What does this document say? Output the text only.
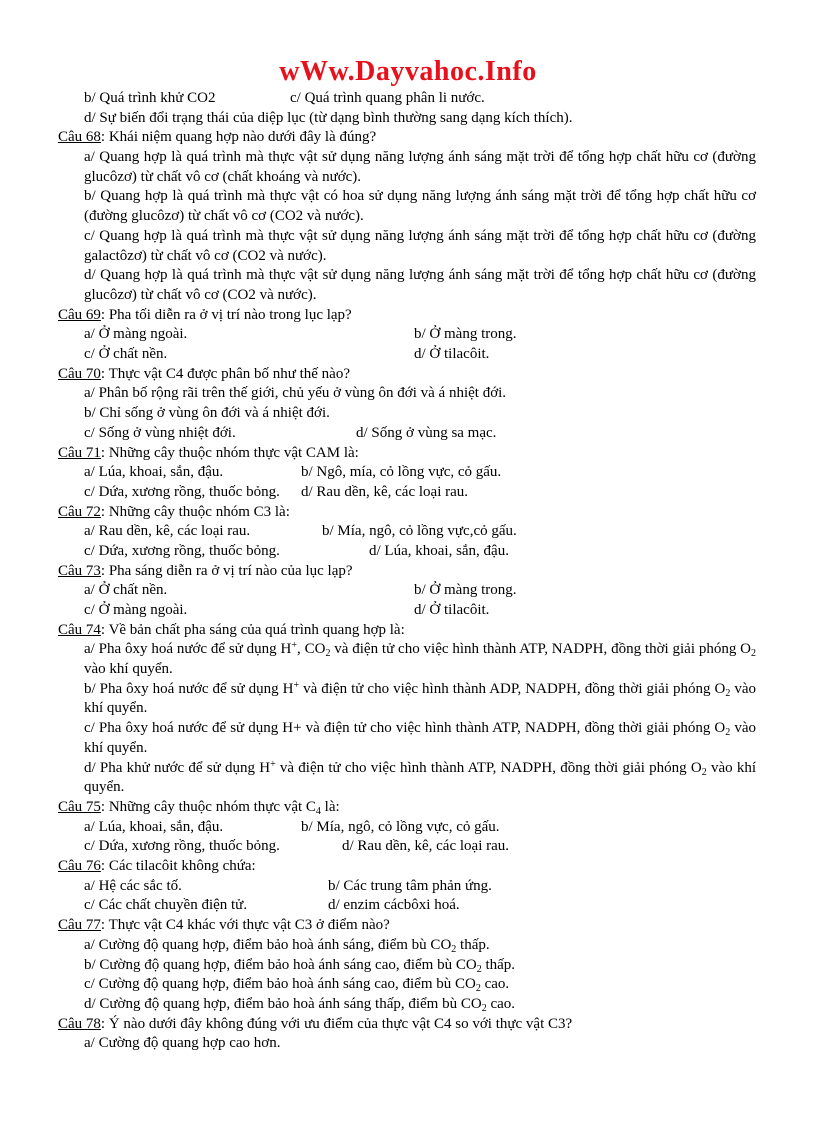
wWw.Dayvahoc.Info
b/ Quá trình khử CO2	c/ Quá trình quang phân li nước.
d/ Sự biến đổi trạng thái của diệp lục (từ dạng bình thường sang dạng kích thích).
Câu 68: Khái niệm quang hợp nào dưới đây là đúng?
a/ Quang hợp là quá trình mà thực vật sử dụng năng lượng ánh sáng mặt trời để tổng hợp chất hữu cơ (đường glucôzơ) từ chất vô cơ (chất khoáng và nước).
b/ Quang hợp là quá trình mà thực vật có hoa sử dụng năng lượng ánh sáng mặt trời để tổng hợp chất hữu cơ (đường glucôzơ) từ chất vô cơ (CO2 và nước).
c/ Quang hợp là quá trình mà thực vật sử dụng năng lượng ánh sáng mặt trời để tổng hợp chất hữu cơ (đường galactôzơ) từ chất vô cơ (CO2 và nước).
d/ Quang hợp là quá trình mà thực vật sử dụng năng lượng ánh sáng mặt trời để tổng hợp chất hữu cơ (đường glucôzơ) từ chất vô cơ (CO2 và nước).
Câu 69: Pha tối diễn ra ở vị trí nào trong lục lạp?
a/ Ở màng ngoài.	b/ Ở màng trong.
c/ Ở chất nền.	d/ Ở tilacôit.
Câu 70: Thực vật C4 được phân bố như thế nào?
a/ Phân bố rộng rãi trên thế giới, chủ yếu ở vùng ôn đới và á nhiệt đới.
b/ Chỉ sống ở vùng ôn đới và á nhiệt đới.
c/ Sống ở vùng nhiệt đới.	d/ Sống ở vùng sa mạc.
Câu 71: Những cây thuộc nhóm thực vật CAM là:
a/ Lúa, khoai, sắn, đậu.	b/ Ngô, mía, cỏ lồng vực, cỏ gấu.
c/ Dứa, xương rồng, thuốc bỏng.	d/ Rau dền, kê, các loại rau.
Câu 72: Những cây thuộc nhóm C3 là:
a/ Rau dền, kê, các loại rau.	b/ Mía, ngô, cỏ lồng vực,cỏ gấu.
c/ Dứa, xương rồng, thuốc bỏng.	d/ Lúa, khoai, sắn, đậu.
Câu 73: Pha sáng diễn ra ở vị trí nào của lục lạp?
a/ Ở chất nền.	b/ Ở màng trong.
c/ Ở màng ngoài.	d/ Ở tilacôit.
Câu 74: Về bản chất pha sáng của quá trình quang hợp là:
a/ Pha ôxy hoá nước để sử dụng H+, $CO_2$ và điện tử cho việc hình thành ATP, NADPH, đồng thời giải phóng $O_2$ vào khí quyển.
b/ Pha ôxy hoá nước để sử dụng H+ và điện tử cho việc hình thành ADP, NADPH, đồng thời giải phóng $O_2$ vào khí quyển.
c/ Pha ôxy hoá nước để sử dụng H+ và điện tử cho việc hình thành ATP, NADPH, đồng thời giải phóng $O_2$ vào khí quyển.
d/ Pha khử nước để sử dụng H+ và điện tử cho việc hình thành ATP, NADPH, đồng thời giải phóng $O_2$ vào khí quyển.
Câu 75: Những cây thuộc nhóm thực vật $C_4$ là:
a/ Lúa, khoai, sắn, đậu.	b/ Mía, ngô, cỏ lồng vực, cỏ gấu.
c/ Dứa, xương rồng, thuốc bỏng.	d/ Rau dền, kê, các loại rau.
Câu 76: Các tilacôit không chứa:
a/ Hệ các sắc tố.	b/ Các trung tâm phản ứng.
c/ Các chất chuyền điện tử.	d/ enzim cácbôxi hoá.
Câu 77: Thực vật C4 khác với thực vật C3 ở điểm nào?
a/ Cường độ quang hợp, điểm bảo hoà ánh sáng, điểm bù $CO_2$ thấp.
b/ Cường độ quang hợp, điểm bảo hoà ánh sáng cao, điểm bù $CO_2$ thấp.
c/ Cường độ quang hợp, điểm bảo hoà ánh sáng cao, điểm bù $CO_2$ cao.
d/ Cường độ quang hợp, điểm bảo hoà ánh sáng thấp, điểm bù $CO_2$ cao.
Câu 78: Ý nào dưới đây không đúng với ưu điểm của thực vật C4 so với thực vật C3?
a/ Cường độ quang hợp cao hơn.
